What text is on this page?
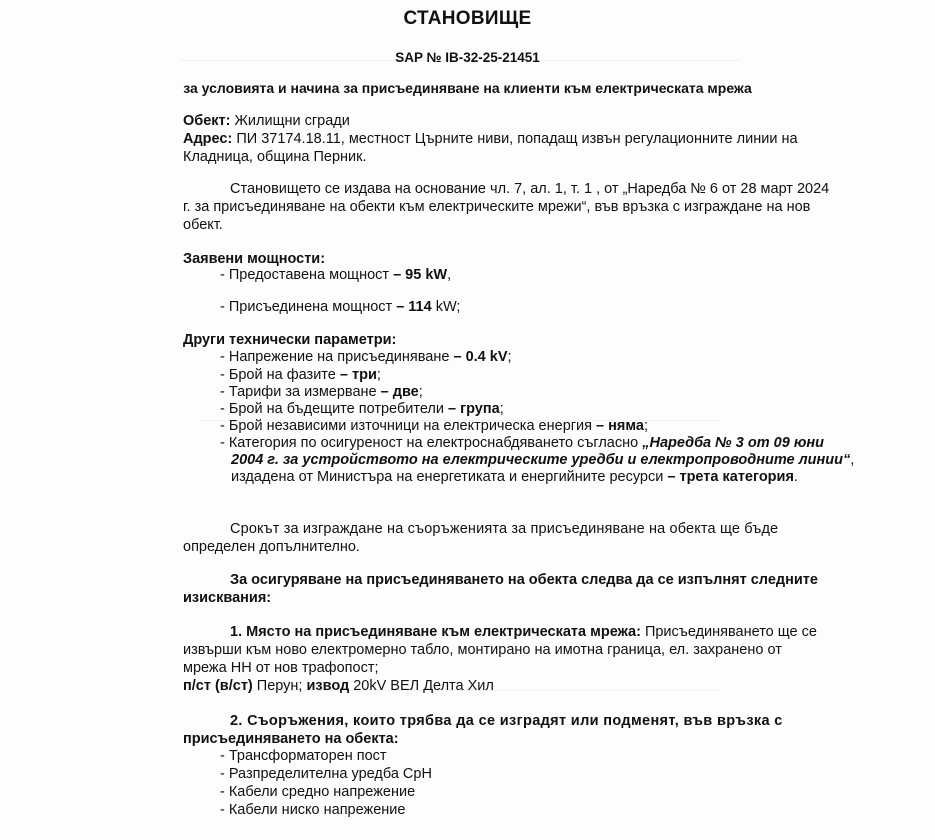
СТАНОВИЩЕ
SAP № IB-32-25-21451
за условията и начина за присъединяване на клиенти към електрическата мрежа
Обект: Жилищни сгради
Адрес: ПИ 37174.18.11, местност Църните ниви, попадащ извън регулационните линии на
Кладница, община Перник.
Становището се издава на основание чл. 7, ал. 1, т. 1 , от „Наредба № 6 от 28 март 2024
г. за присъединяване на обекти към електрическите мрежи“, във връзка с изграждане на нов
обект.
Заявени мощности:
- Предоставена мощност – 95 kW,
- Присъединена мощност – 114 kW;
Други технически параметри:
- Напрежение на присъединяване – 0.4 kV;
- Брой на фазите – три;
- Тарифи за измерване – две;
- Брой на бъдещите потребители – група;
- Брой независими източници на електрическа енергия – няма;
- Категория по осигуреност на електроснабдяването съгласно „Наредба № 3 от 09 юни
2004 г. за устройството на електрическите уредби и електропроводните линии“,
издадена от Министъра на енергетиката и енергийните ресурси – трета категория.
Срокът за изграждане на съоръженията за присъединяване на обекта ще бъде
определен допълнително.
За осигуряване на присъединяването на обекта следва да се изпълнят следните
изисквания:
1. Място на присъединяване към електрическата мрежа: Присъединяването ще се
извърши към ново електромерно табло, монтирано на имотна граница, ел. захранено от
мрежа НН от нов трафопост;
п/ст (в/ст) Перун; извод 20kV ВЕЛ Делта Хил
2. Съоръжения, които трябва да се изградят или подменят, във връзка с
присъединяването на обекта:
- Трансформаторен пост
- Разпределителна уредба СрН
- Кабели средно напрежение
- Кабели ниско напрежение
